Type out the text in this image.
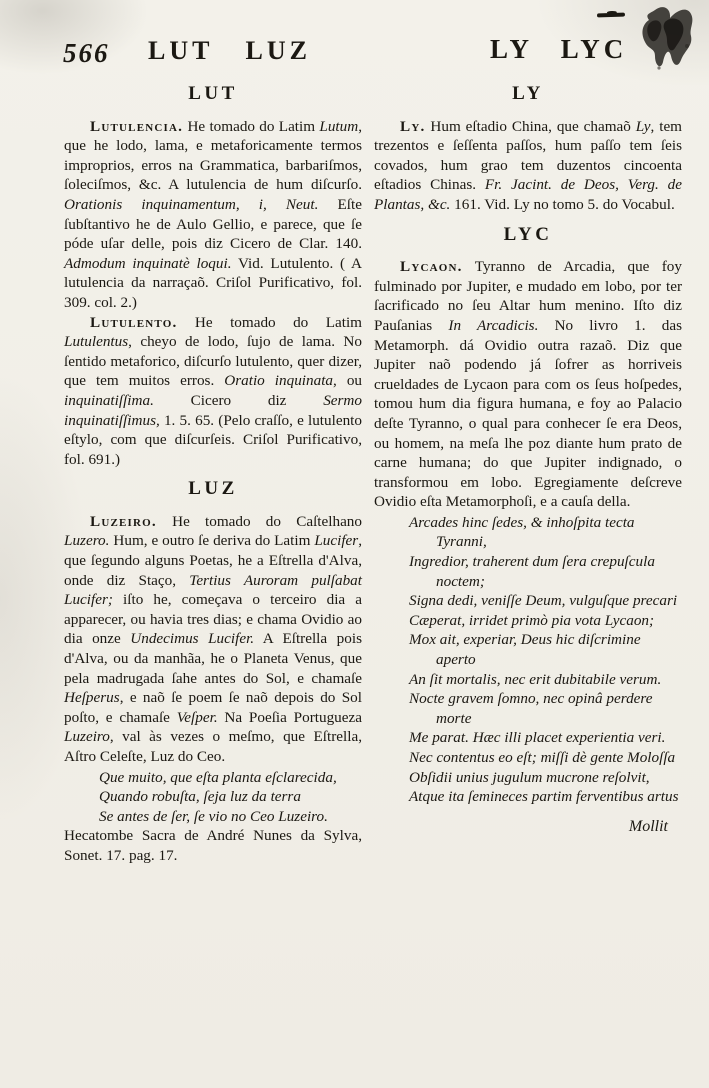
566 LUT LUZ	LY LYC
LUT

Lutulencia. He tomado do Latim Lutum, que he lodo, lama, e metaforicamente termos improprios, erros na Grammatica, barbariſmos, ſoleciſmos, &c. A lutulencia de hum diſcurſo. Orationis inquinamentum, i, Neut. Eſte ſubſtantivo he de Aulo Gellio, e parece, que ſe póde uſar delle, pois diz Cicero de Clar. 140. Admodum inquinatè loqui. Vid. Lutulento. ( A lutulencia da narraçaõ. Criſol Purificativo, fol. 309. col. 2.)

Lutulento. He tomado do Latim Lutulentus, cheyo de lodo, ſujo de lama. No ſentido metaforico, diſcurſo lutulento, quer dizer, que tem muitos erros. Oratio inquinata, ou inquinatiſſima. Cicero diz Sermo inquinatiſſimus, 1. 5. 65. (Pelo craſſo, e lutulento eſtylo, com que diſcurſeis. Criſol Purificativo, fol. 691.)

LUZ

Luzeiro. He tomado do Caſtelhano Luzero. Hum, e outro ſe deriva do Latim Lucifer, que ſegundo alguns Poetas, he a Eſtrella d'Alva, onde diz Staço, Tertius Auroram pulſabat Lucifer; iſto he, começava o terceiro dia a apparecer, ou havia tres dias; e chama Ovidio ao dia onze Undecimus Lucifer. A Eſtrella pois d'Alva, ou da manhãa, he o Planeta Venus, que pela madrugada ſahe antes do Sol, e chamaſe Heſperus, e naõ ſe poem ſe naõ depois do Sol poſto, e chamaſe Veſper. Na Poeſia Portugueza Luzeiro, val às vezes o meſmo, que Eſtrella, Aſtro Celeſte, Luz do Ceo.

Que muito, que eſta planta eſclarecida,
Quando robuſta, ſeja luz da terra
Se antes de ſer, ſe vio no Ceo Luzeiro.

Hecatombe Sacra de André Nunes da Sylva, Sonet. 17. pag. 17.

LY

Ly. Hum eſtadio China, que chamaõ Ly, tem trezentos e ſeſſenta paſſos, hum paſſo tem ſeis covados, hum grao tem duzentos cincoenta eſtadios Chinas. Fr. Jacint. de Deos, Verg. de Plantas, &c. 161. Vid. Ly no tomo 5. do Vocabul.

LYC

Lycaon. Tyranno de Arcadia, que foy fulminado por Jupiter, e mudado em lobo, por ter ſacrificado no ſeu Altar hum menino. Iſto diz Pauſanias In Arcadicis. No livro 1. das Metamorph. dá Ovidio outra razaõ. Diz que Jupiter naõ podendo já ſofrer as horriveis crueldades de Lycaon para com os ſeus hoſpedes, tomou hum dia figura humana, e foy ao Palacio deſte Tyranno, o qual para conhecer ſe era Deos, ou homem, na meſa lhe poz diante hum prato de carne humana; do que Jupiter indignado, o transformou em lobo. Egregiamente deſcreve Ovidio eſta Metamorphoſi, e a cauſa della.

Arcades hinc ſedes, & inhoſpita tecta Tyranni,
Ingredior, traherent dum ſera crepuſcula noctem;
Signa dedi, veniſſe Deum, vulguſque precari
Cæperat, irridet primò pia vota Lycaon;
Mox ait, experiar, Deus hic diſcrimine aperto
An ſit mortalis, nec erit dubitabile verum.
Nocte gravem ſomno, nec opinâ perdere morte
Me parat. Hæc illi placet experientia veri.
Nec contentus eo eſt; miſſi dè gente Moloſſa
Obſidii unius jugulum mucrone reſolvit,
Atque ita ſemineces partim ferventibus artus
Mollit
